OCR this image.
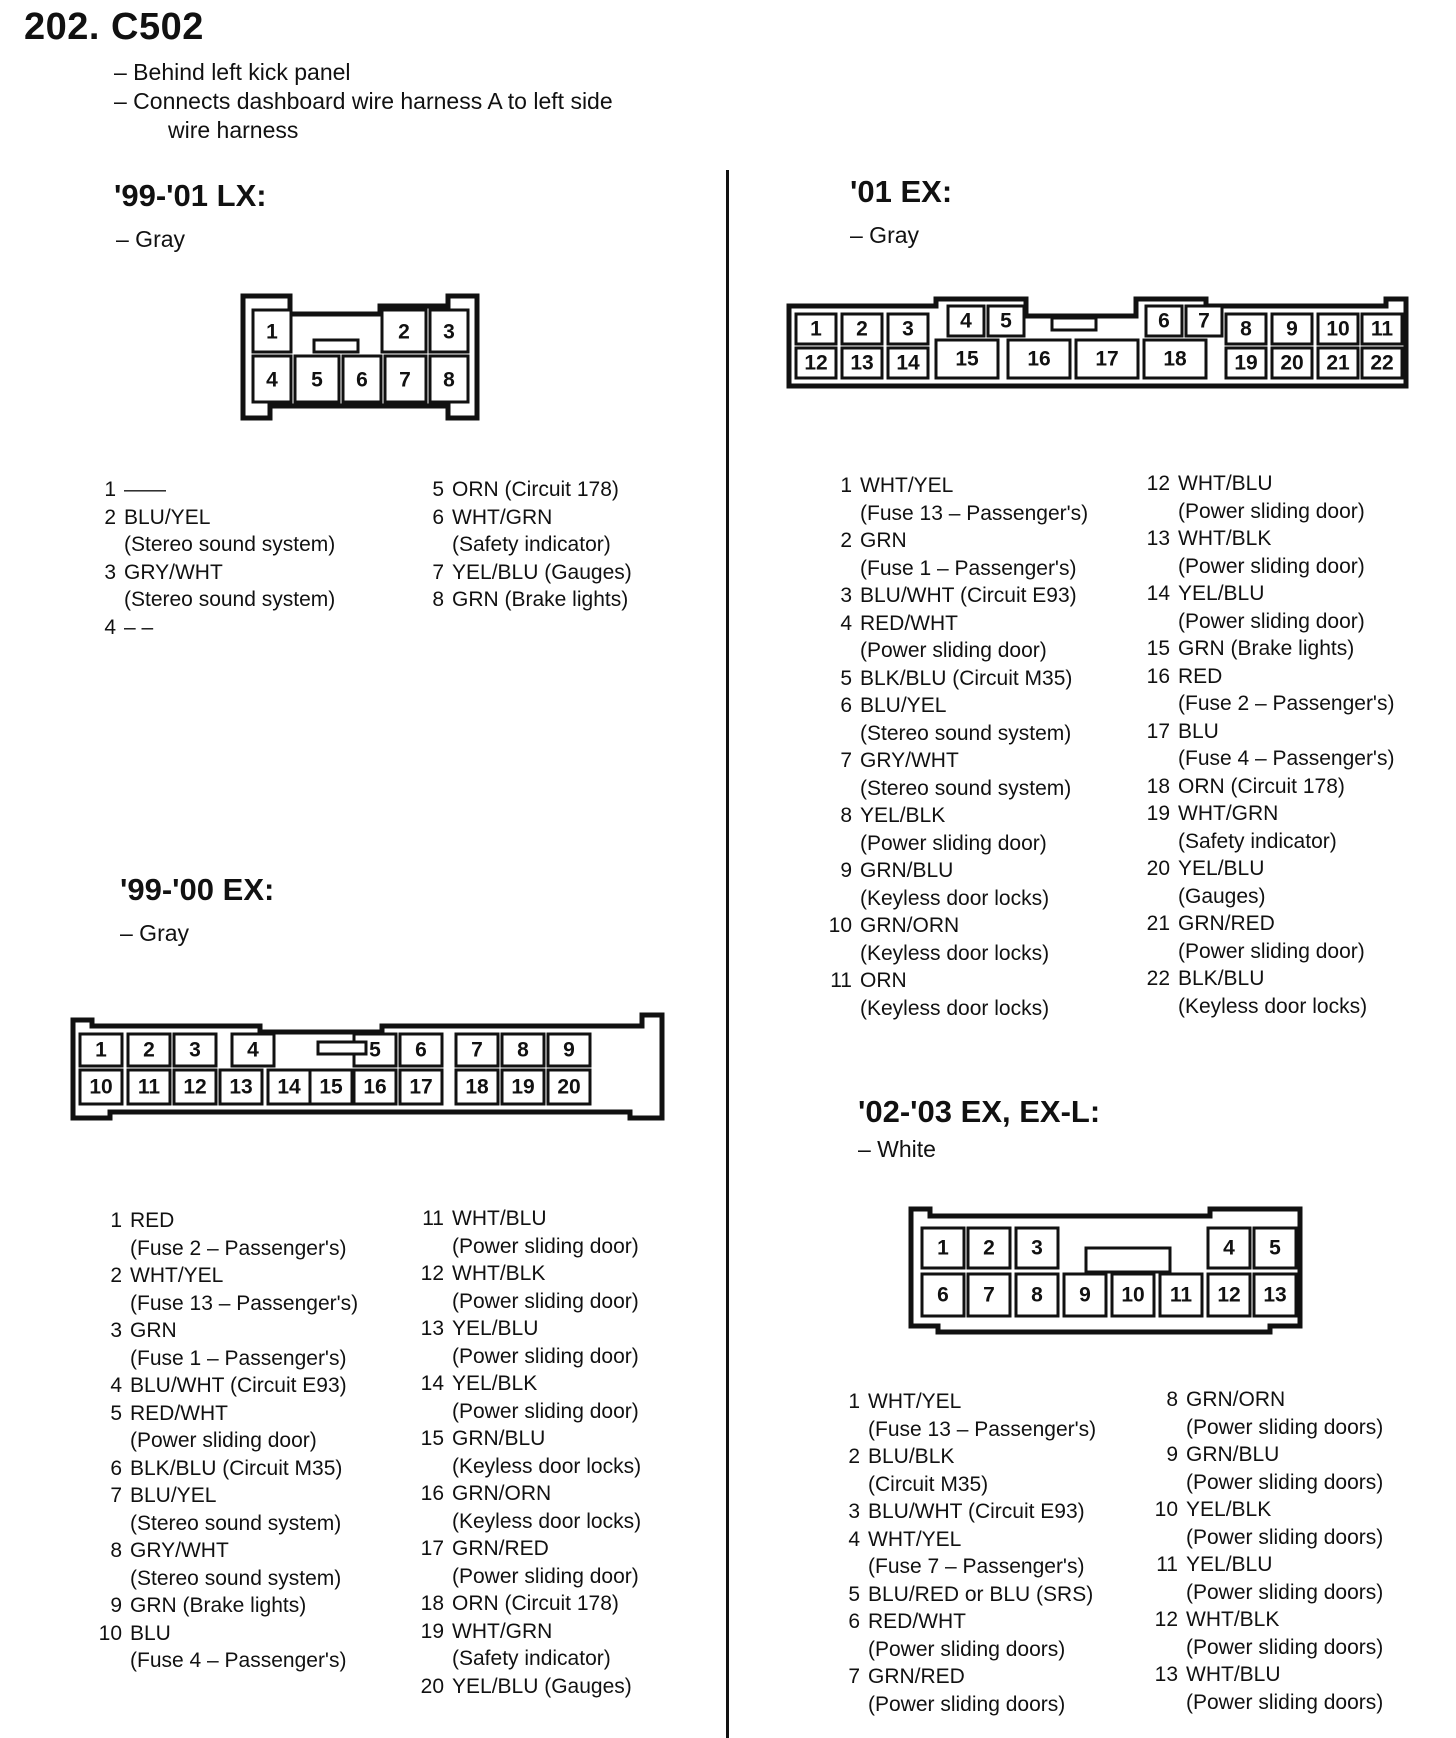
202. C502
– Behind left kick panel
– Connects dashboard wire harness A to left side
wire harness
'99-'01 LX:
– Gray
1	2 3
4 5 6 7 8
1 ——
2 BLU/YEL
(Stereo sound system)
3 GRY/WHT
(Stereo sound system)
4 – –
5 ORN (Circuit 178)
6 WHT/GRN
(Safety indicator)
7 YEL/BLU (Gauges)
8 GRN (Brake lights)
'99-'00 EX:
– Gray
1 2 3 4	5 6 7 8 9
10 11 12 13 14 15 16 17 18 19 20
1 RED
(Fuse 2 – Passenger's)
2 WHT/YEL
(Fuse 13 – Passenger's)
3 GRN
(Fuse 1 – Passenger's)
4 BLU/WHT (Circuit E93)
5 RED/WHT
(Power sliding door)
6 BLK/BLU (Circuit M35)
7 BLU/YEL
(Stereo sound system)
8 GRY/WHT
(Stereo sound system)
9 GRN (Brake lights)
10 BLU
(Fuse 4 – Passenger's)
11 WHT/BLU
(Power sliding door)
12 WHT/BLK
(Power sliding door)
13 YEL/BLU
(Power sliding door)
14 YEL/BLK
(Power sliding door)
15 GRN/BLU
(Keyless door locks)
16 GRN/ORN
(Keyless door locks)
17 GRN/RED
(Power sliding door)
18 ORN (Circuit 178)
19 WHT/GRN
(Safety indicator)
20 YEL/BLU (Gauges)
'01 EX:
– Gray
1 2 3 4 5	6 7 8 9 10 11
12 13 14 15 16 17 18 19 20 21 22
1 WHT/YEL
(Fuse 13 – Passenger's)
2 GRN
(Fuse 1 – Passenger's)
3 BLU/WHT (Circuit E93)
4 RED/WHT
(Power sliding door)
5 BLK/BLU (Circuit M35)
6 BLU/YEL
(Stereo sound system)
7 GRY/WHT
(Stereo sound system)
8 YEL/BLK
(Power sliding door)
9 GRN/BLU
(Keyless door locks)
10 GRN/ORN
(Keyless door locks)
11 ORN
(Keyless door locks)
12 WHT/BLU
(Power sliding door)
13 WHT/BLK
(Power sliding door)
14 YEL/BLU
(Power sliding door)
15 GRN (Brake lights)
16 RED
(Fuse 2 – Passenger's)
17 BLU
(Fuse 4 – Passenger's)
18 ORN (Circuit 178)
19 WHT/GRN
(Safety indicator)
20 YEL/BLU
(Gauges)
21 GRN/RED
(Power sliding door)
22 BLK/BLU
(Keyless door locks)
'02-'03 EX, EX-L:
– White
1 2 3	4 5
6 7 8 9 10 11 12 13
1 WHT/YEL
(Fuse 13 – Passenger's)
2 BLU/BLK
(Circuit M35)
3 BLU/WHT (Circuit E93)
4 WHT/YEL
(Fuse 7 – Passenger's)
5 BLU/RED or BLU (SRS)
6 RED/WHT
(Power sliding doors)
7 GRN/RED
(Power sliding doors)
8 GRN/ORN
(Power sliding doors)
9 GRN/BLU
(Power sliding doors)
10 YEL/BLK
(Power sliding doors)
11 YEL/BLU
(Power sliding doors)
12 WHT/BLK
(Power sliding doors)
13 WHT/BLU
(Power sliding doors)
